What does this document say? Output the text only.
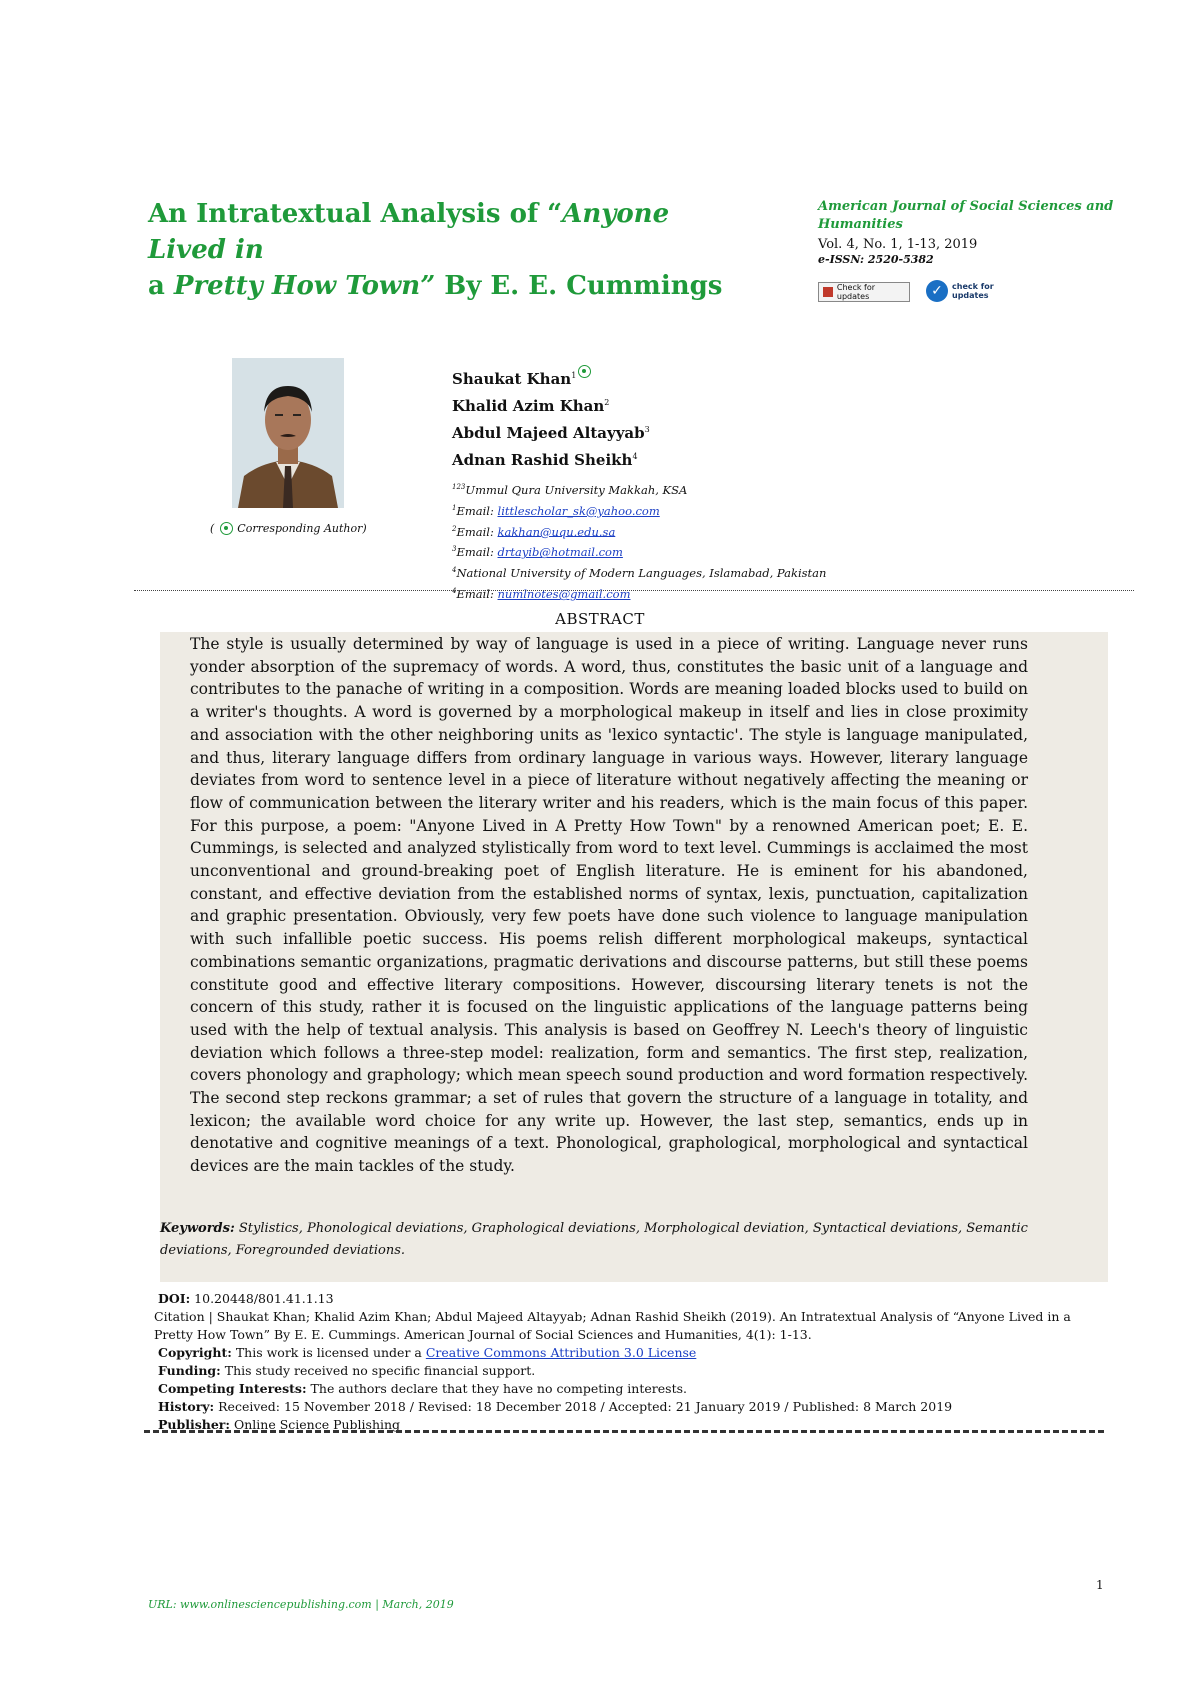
An Intratextual Analysis of “Anyone Lived in
a Pretty How Town” By E. E. Cummings
American Journal of Social Sciences and Humanities
Vol. 4, No. 1, 1-13, 2019
e-ISSN: 2520-5382
Check for updates	✓	check for
updates
( Corresponding Author)
Shaukat Khan$^1$
Khalid Azim Khan$^2$
Abdul Majeed Altayyab$^3$
Adnan Rashid Sheikh$^4$
$^{123}$Ummul Qura University Makkah, KSA
$^1$Email: littlescholar_sk@yahoo.com
$^2$Email: kakhan@uqu.edu.sa
$^3$Email: drtayib@hotmail.com
$^4$National University of Modern Languages, Islamabad, Pakistan
$^4$Email: numlnotes@gmail.com
ABSTRACT
The style is usually determined by way of language is used in a piece of writing. Language never runs yonder absorption of the supremacy of words. A word, thus, constitutes the basic unit of a language and contributes to the panache of writing in a composition. Words are meaning loaded blocks used to build on a writer's thoughts. A word is governed by a morphological makeup in itself and lies in close proximity and association with the other neighboring units as 'lexico syntactic'. The style is language manipulated, and thus, literary language differs from ordinary language in various ways. However, literary language deviates from word to sentence level in a piece of literature without negatively affecting the meaning or flow of communication between the literary writer and his readers, which is the main focus of this paper. For this purpose, a poem: "Anyone Lived in A Pretty How Town" by a renowned American poet; E. E. Cummings, is selected and analyzed stylistically from word to text level. Cummings is acclaimed the most unconventional and ground-breaking poet of English literature. He is eminent for his abandoned, constant, and effective deviation from the established norms of syntax, lexis, punctuation, capitalization and graphic presentation. Obviously, very few poets have done such violence to language manipulation with such infallible poetic success. His poems relish different morphological makeups, syntactical combinations semantic organizations, pragmatic derivations and discourse patterns, but still these poems constitute good and effective literary compositions. However, discoursing literary tenets is not the concern of this study, rather it is focused on the linguistic applications of the language patterns being used with the help of textual analysis. This analysis is based on Geoffrey N. Leech's theory of linguistic deviation which follows a three-step model: realization, form and semantics. The first step, realization, covers phonology and graphology; which mean speech sound production and word formation respectively. The second step reckons grammar; a set of rules that govern the structure of a language in totality, and lexicon; the available word choice for any write up. However, the last step, semantics, ends up in denotative and cognitive meanings of a text. Phonological, graphological, morphological and syntactical devices are the main tackles of the study.
Keywords: Stylistics, Phonological deviations, Graphological deviations, Morphological deviation, Syntactical deviations, Semantic deviations, Foregrounded deviations.
DOI: 10.20448/801.41.1.13
Citation | Shaukat Khan; Khalid Azim Khan; Abdul Majeed Altayyab; Adnan Rashid Sheikh (2019). An Intratextual Analysis of “Anyone Lived in a Pretty How Town” By E. E. Cummings. American Journal of Social Sciences and Humanities, 4(1): 1-13.
Copyright: This work is licensed under a Creative Commons Attribution 3.0 License
Funding: This study received no specific financial support.
Competing Interests: The authors declare that they have no competing interests.
History: Received: 15 November 2018 / Revised: 18 December 2018 / Accepted: 21 January 2019 / Published: 8 March 2019
Publisher: Online Science Publishing
1
URL: www.onlinesciencepublishing.com | March, 2019
